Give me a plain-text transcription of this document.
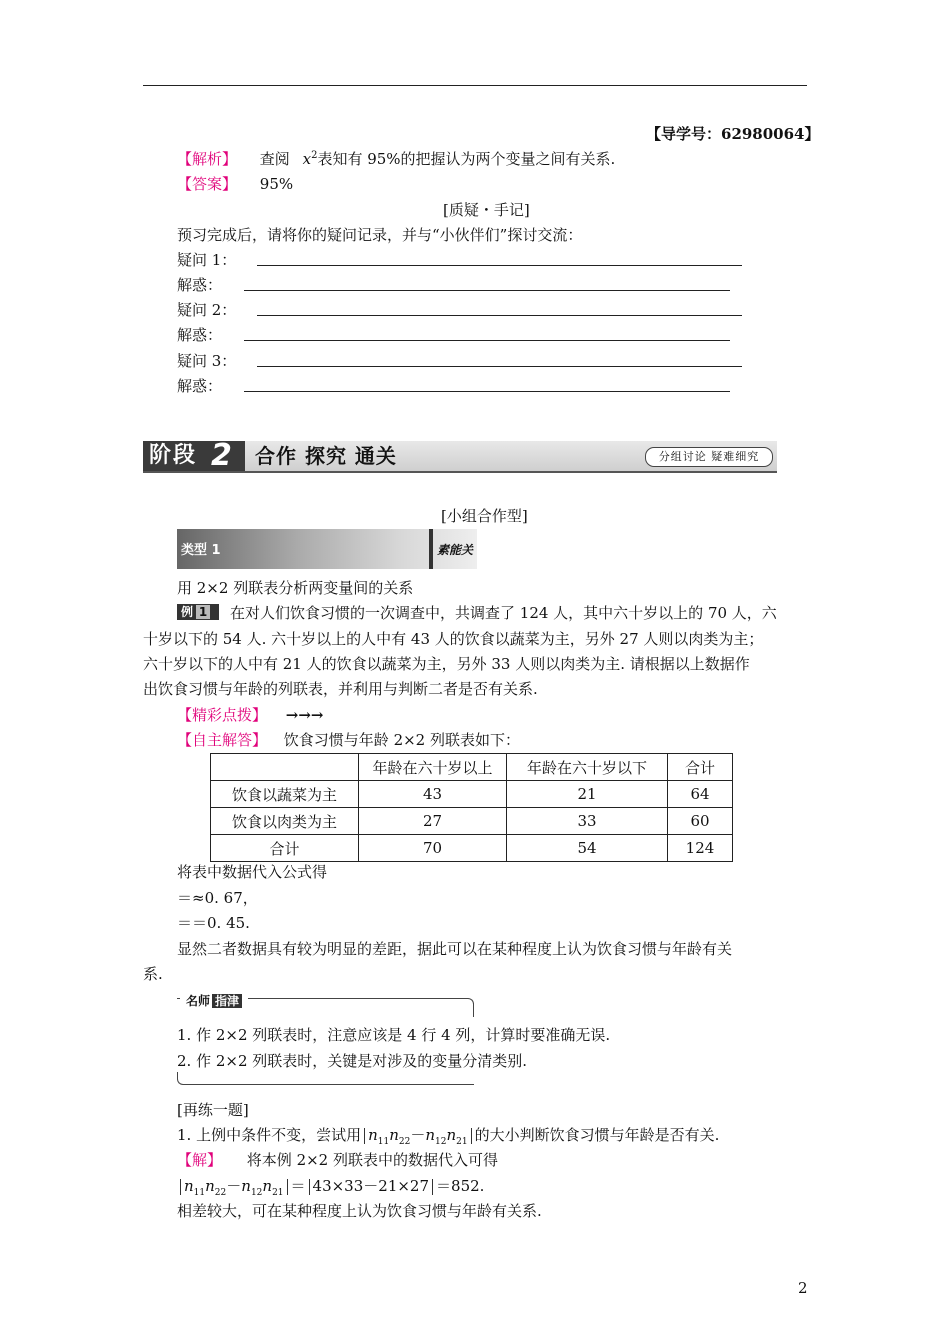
【导学号：62980064】
【解析】 查阅 $x^2$表知有 95%的把握认为两个变量之间有关系.
【答案】 95%
[质疑・手记]
预习完成后，请将你的疑问记录，并与“小伙伴们”探讨交流：
疑问 1：
解惑：
疑问 2：
解惑：
疑问 3：
解惑：
阶段 2 合作 探究 通关	分组讨论 疑难细究
[小组合作型]
类型 1	素能关
用 2×2 列联表分析两变量间的关系
例 1	在对人们饮食习惯的一次调查中，共调查了 124 人，其中六十岁以上的 70 人，六
十岁以下的 54 人. 六十岁以上的人中有 43 人的饮食以蔬菜为主，另外 27 人则以肉类为主；
六十岁以下的人中有 21 人的饮食以蔬菜为主，另外 33 人则以肉类为主. 请根据以上数据作
出饮食习惯与年龄的列联表，并利用与判断二者是否有关系.
【精彩点拨】 →→→
【自主解答】 饮食习惯与年龄 2×2 列联表如下：
	年龄在六十岁以上	年龄在六十岁以下	合计
饮食以蔬菜为主	43	21	64
饮食以肉类为主	27	33	60
合计	70	54	124
将表中数据代入公式得
＝≈0. 67，
＝＝0. 45.
显然二者数据具有较为明显的差距，据此可以在某种程度上认为饮食习惯与年龄有关
系.
名师 指津
1. 作 2×2 列联表时，注意应该是 4 行 4 列，计算时要准确无误.
2. 作 2×2 列联表时，关键是对涉及的变量分清类别.
[再练一题]
1. 上例中条件不变，尝试用 $n_{11}n_{22}-n_{12}n_{21}$ 的大小判断饮食习惯与年龄是否有关.
【解】 将本例 2×2 列联表中的数据代入可得
$n_{11}n_{22}-n_{12}n_{21} = 43\times 33-21\times 27 =852$.
相差较大，可在某种程度上认为饮食习惯与年龄有关系.
2
